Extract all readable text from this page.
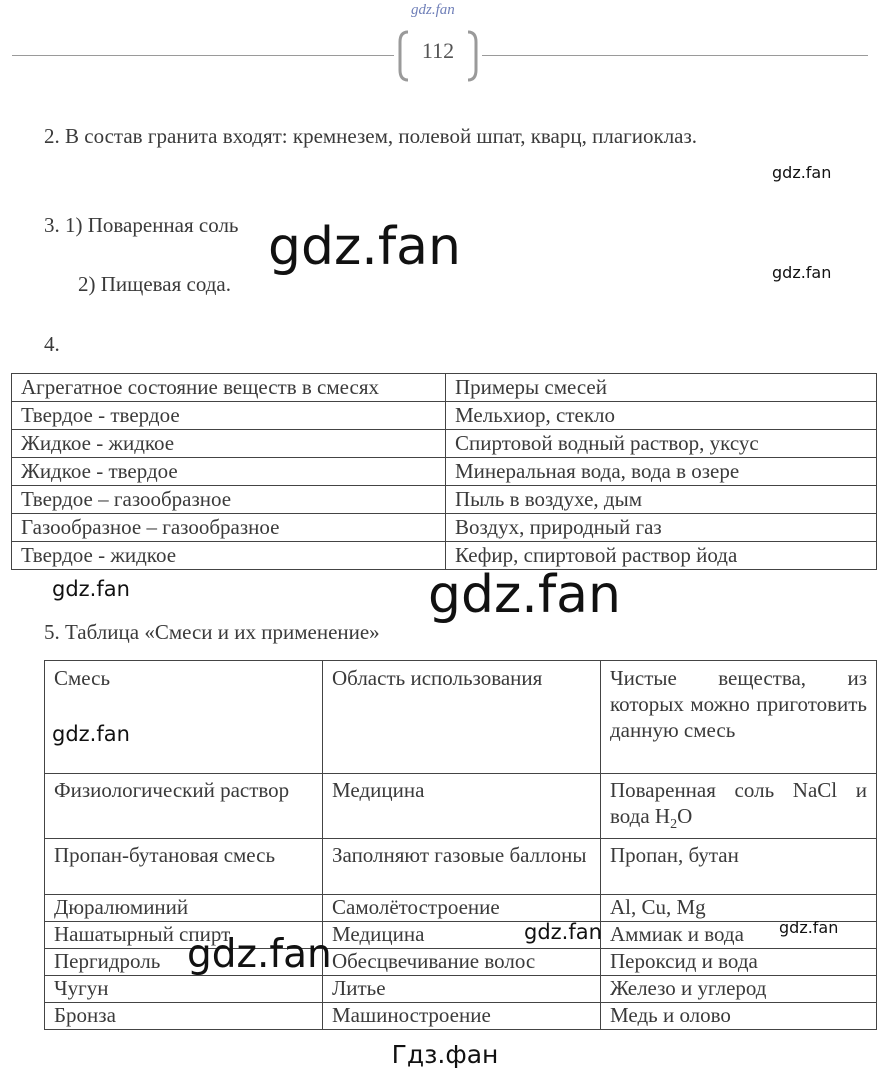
gdz.fan
112
2. В состав гранита входят: кремнезем, полевой шпат, кварц, плагиоклаз.
gdz.fan
3. 1) Поваренная соль gdz.fan	gdz.fan
2) Пищевая сода.
4.
Агрегатное состояние веществ в смесях	Примеры смесей
Твердое - твердое	Мельхиор, стекло
Жидкое - жидкое	Спиртовой водный раствор, уксус
Жидкое - твердое	Минеральная вода, вода в озере
Твердое – газообразное	Пыль в воздухе, дым
Газообразное – газообразное	Воздух, природный газ
Твердое - жидкое	Кефир, спиртовой раствор йода
gdz.fan	gdz.fan
5. Таблица «Смеси и их применение»
Смесь	Область использования	Чистые вещества, из которых можно приготовить данную смесь
Физиологический раствор	Медицина	Поваренная соль NaCl и вода $H_2O$
Пропан-бутановая смесь	Заполняют газовые баллоны	Пропан, бутан
Дюралюминий	Самолётостроение	Al, Cu, Mg
Нашатырный спирт	Медицина	Аммиак и вода
Пергидроль	Обесцвечивание волос	Пероксид и вода
Чугун	Литье	Железо и углерод
Бронза	Машиностроение	Медь и олово
gdz.fan
gdz.fan	gdz.fan
gdz.fan
Гдз.фан
